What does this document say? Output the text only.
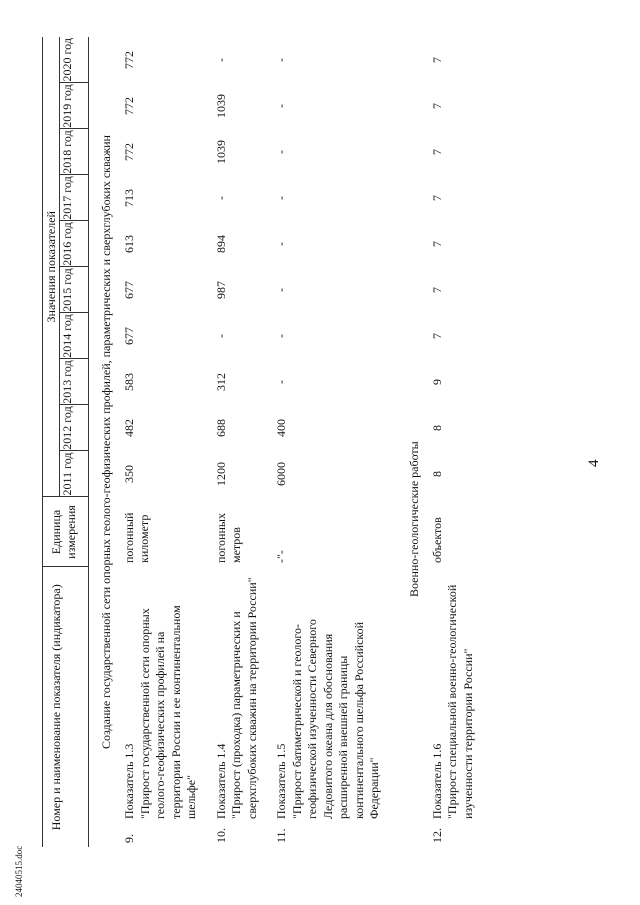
4

Номер и наименование показателя (индикатора)		Единица измерения	Значения показателей									
			2011 год	2012 год	2013 год	2014 год	2015 год	2016 год	2017 год	2018 год	2019 год	2020 год
Создание государственной сети опорных геолого-геофизических профилей, параметрических и сверхглубоких скважин												
9.	Показатель 1.3 "Прирост государственной сети опорных геолого-геофизических профилей на территории России и ее континентальном шельфе"	погонный километр	350	482	583	677	677	613	713	772	772	772
10.	Показатель 1.4 "Прирост (проходка) параметрических и сверхглубоких скважин на территории России"	погонных метров	1200	688	312	-	987	894	-	1039	1039	-
11.	Показатель 1.5 "Прирост батиметрической и геолого-геофизической изученности Северного Ледовитого океана для обоснования расширенной внешней границы континентального шельфа Российской Федерации"	-"-	6000	400	-	-	-	-	-	-	-	-
Военно-геологические работы												
12.	Показатель 1.6 "Прирост специальной военно-геологической изученности территории России"	объектов	8	8	9	7	7	7	7	7	7	7
24040515.doc
